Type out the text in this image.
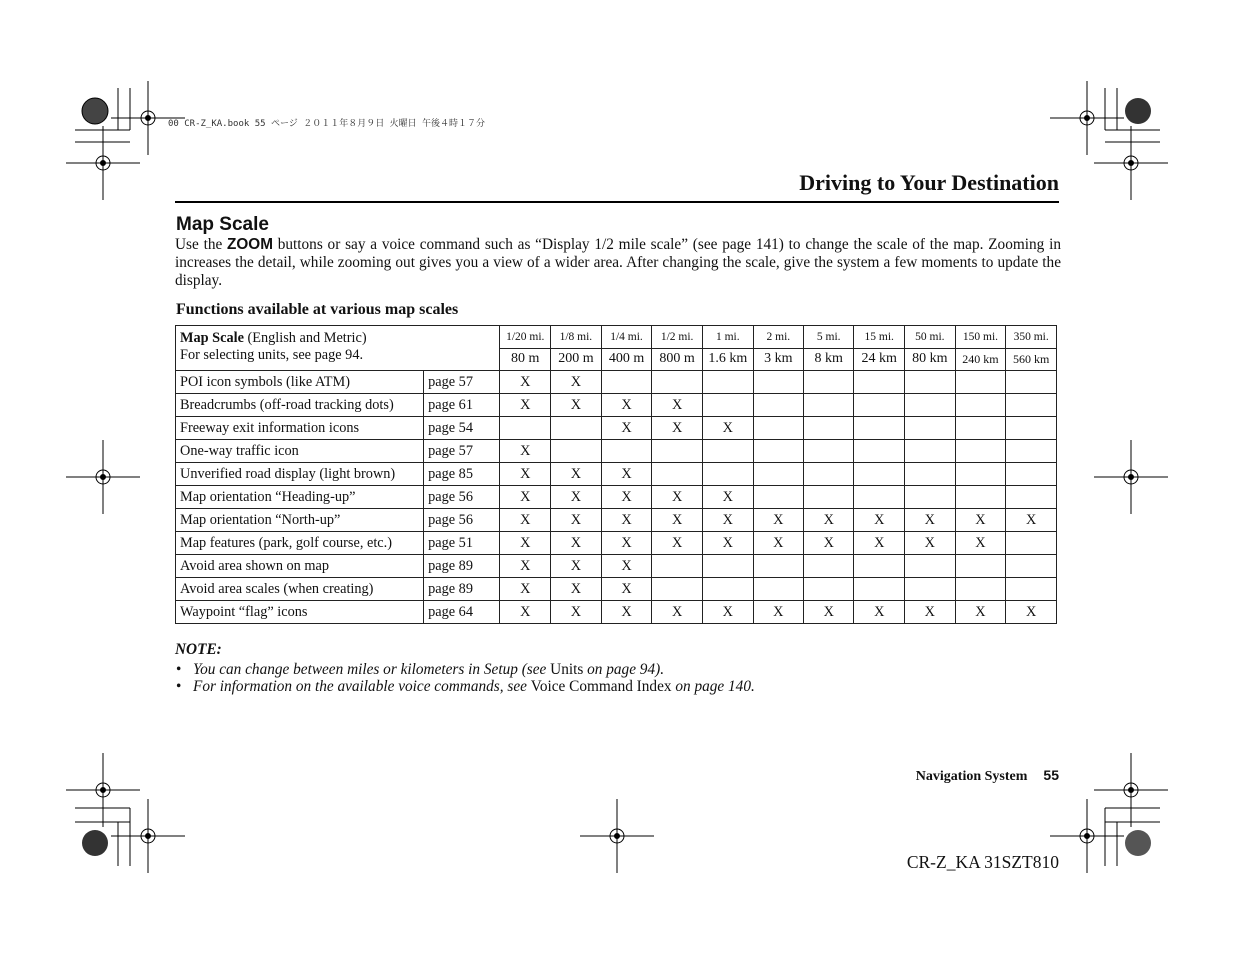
00 CR-Z_KA.book 55 ページ ２０１１年８月９日 火曜日 午後４時１７分
Driving to Your Destination
Map Scale
Use the ZOOM buttons or say a voice command such as “Display 1/2 mile scale” (see page 141) to change the scale of the map. Zooming in increases the detail, while zooming out gives you a view of a wider area. After changing the scale, give the system a few moments to update the display.
Functions available at various map scales
Map Scale (English and Metric)
For selecting units, see page 94.		1/20 mi.	1/8 mi.	1/4 mi.	1/2 mi.	1 mi.	2 mi.	5 mi.	15 mi.	50 mi.	150 mi.	350 mi.
		80 m	200 m	400 m	800 m	1.6 km	3 km	8 km	24 km	80 km	240 km	560 km
POI icon symbols (like ATM)	page 57	X	X									
Breadcrumbs (off-road tracking dots)	page 61	X	X	X	X							
Freeway exit information icons	page 54			X	X	X						
One-way traffic icon	page 57	X										
Unverified road display (light brown)	page 85	X	X	X								
Map orientation “Heading-up”	page 56	X	X	X	X	X						
Map orientation “North-up”	page 56	X	X	X	X	X	X	X	X	X	X	X
Map features (park, golf course, etc.)	page 51	X	X	X	X	X	X	X	X	X	X	
Avoid area shown on map	page 89	X	X	X								
Avoid area scales (when creating)	page 89	X	X	X								
Waypoint “flag” icons	page 64	X	X	X	X	X	X	X	X	X	X	X
NOTE:
• You can change between miles or kilometers in Setup (see Units on page 94).
• For information on the available voice commands, see Voice Command Index on page 140.
Navigation System 55
CR-Z_KA 31SZT810
